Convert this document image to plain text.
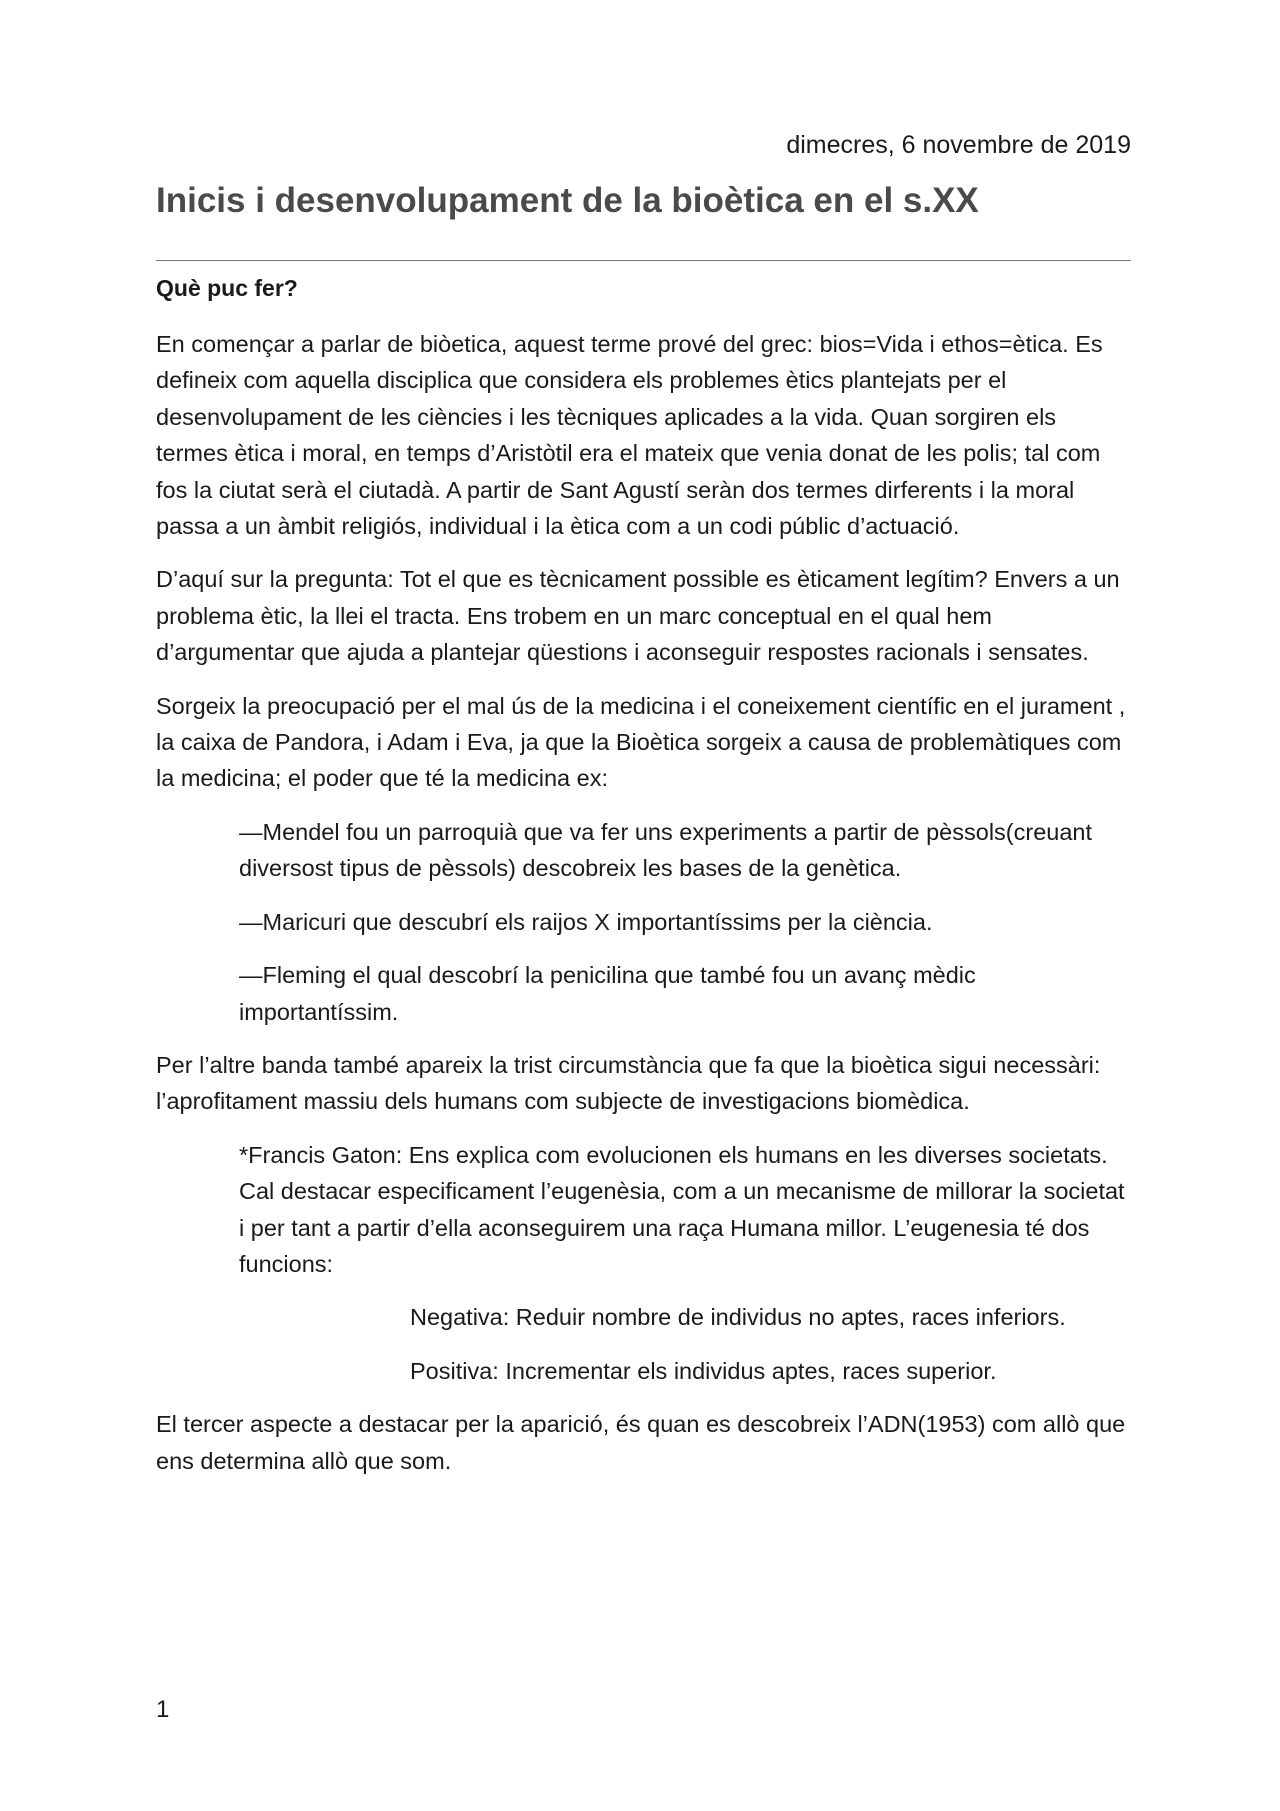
dimecres, 6 novembre de 2019
Inicis i desenvolupament de la bioètica en el s.XX
Què puc fer?

En començar a parlar de biòetica, aquest terme prové del grec: bios=Vida i ethos=ètica. Es defineix com aquella disciplica que considera els problemes ètics plantejats per el desenvolupament de les ciències i les tècniques aplicades a la vida. Quan sorgiren els termes ètica i moral, en temps d’Aristòtil era el mateix que venia donat de les polis; tal com fos la ciutat serà el ciutadà. A partir de Sant Agustí seràn dos termes dirferents i la moral passa a un àmbit religiós, individual i la ètica com a un codi públic d’actuació.

D’aquí sur la pregunta: Tot el que es tècnicament possible es èticament legítim? Envers a un problema ètic, la llei el tracta. Ens trobem en un marc conceptual en el qual hem d’argumentar que ajuda a plantejar qüestions i aconseguir respostes racionals i sensates.

Sorgeix la preocupació per el mal ús de la medicina i el coneixement científic en el jurament , la caixa de Pandora, i Adam i Eva, ja que la Bioètica sorgeix a causa de problemàtiques com la medicina; el poder que té la medicina ex:

—Mendel fou un parroquià que va fer uns experiments a partir de pèssols(creuant diversost tipus de pèssols) descobreix les bases de la genètica.

—Maricuri que descubrí els raijos X importantíssims per la ciència.

—Fleming el qual descobrí la penicilina que també fou un avanç mèdic importantíssim.

Per l’altre banda també apareix la trist circumstància que fa que la bioètica sigui necessàri: l’aprofitament massiu dels humans com subjecte de investigacions biomèdica.

*Francis Gaton: Ens explica com evolucionen els humans en les diverses societats. Cal destacar especificament l’eugenèsia, com a un mecanisme de millorar la societat i per tant a partir d’ella aconseguirem una raça Humana millor. L’eugenesia té dos funcions:

Negativa: Reduir nombre de individus no aptes, races inferiors.

Positiva: Incrementar els individus aptes, races superior.

El tercer aspecte a destacar per la aparició, és quan es descobreix l’ADN(1953) com allò que ens determina allò que som.

1
